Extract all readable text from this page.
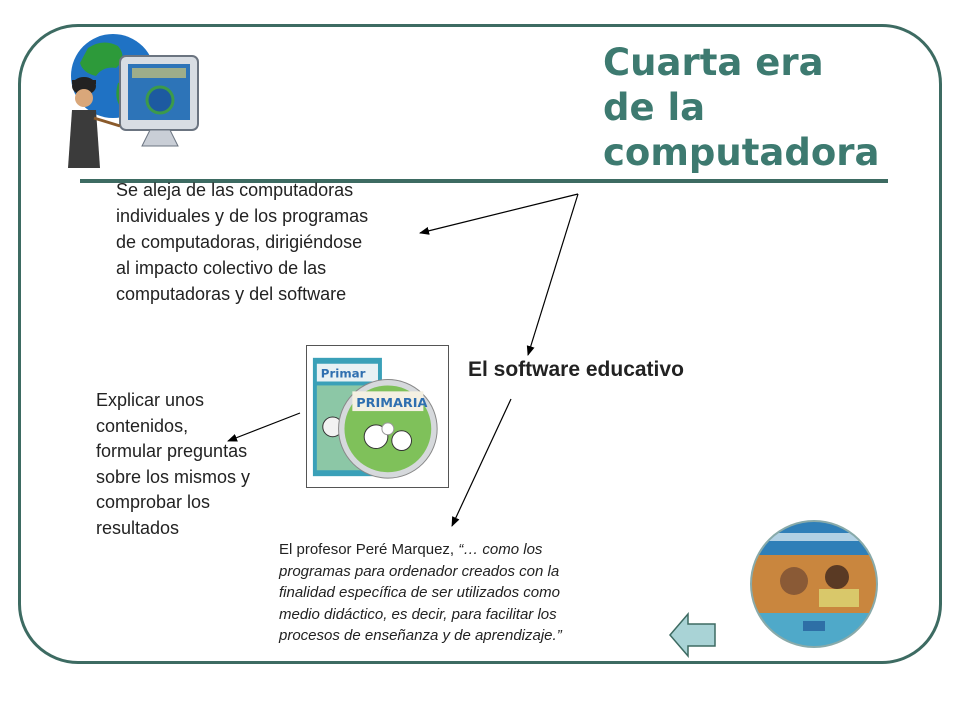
Cuarta era
de la
computadora
Se aleja de las computadoras
individuales y de los programas
de computadoras, dirigiéndose
al impacto colectivo de las
computadoras y del software
Primar
PRIMARIA
El software educativo
Explicar unos
contenidos,
formular preguntas
sobre los mismos y
comprobar los
resultados
El profesor Peré Marquez, “… como los
programas para ordenador creados con la
finalidad específica de ser utilizados como
medio didáctico, es decir, para facilitar los
procesos de enseñanza y de aprendizaje.”
